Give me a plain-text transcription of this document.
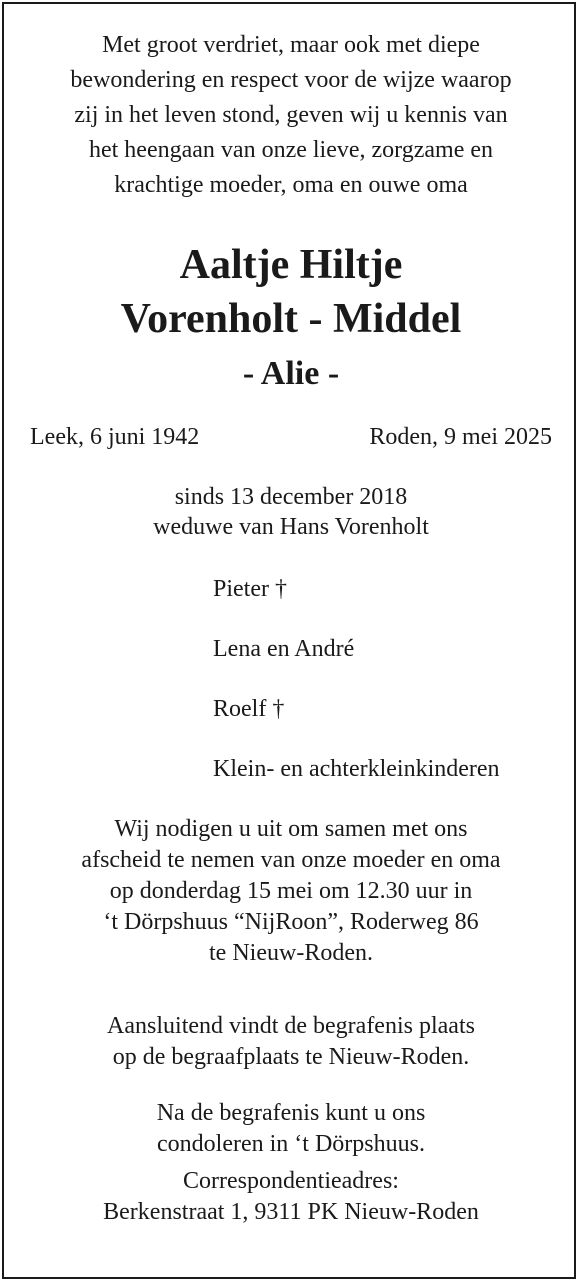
Met groot verdriet, maar ook met diepe
bewondering en respect voor de wijze waarop
zij in het leven stond, geven wij u kennis van
het heengaan van onze lieve, zorgzame en
krachtige moeder, oma en ouwe oma
Aaltje Hiltje
Vorenholt - Middel
- Alie -
Leek, 6 juni 1942	Roden, 9 mei 2025
sinds 13 december 2018
weduwe van Hans Vorenholt
Pieter †
Lena en André
Roelf †
Klein- en achterkleinkinderen
Wij nodigen u uit om samen met ons
afscheid te nemen van onze moeder en oma
op donderdag 15 mei om 12.30 uur in
‘t Dörpshuus “NijRoon”, Roderweg 86
te Nieuw-Roden.
Aansluitend vindt de begrafenis plaats
op de begraafplaats te Nieuw-Roden.
Na de begrafenis kunt u ons
condoleren in ‘t Dörpshuus.
Correspondentieadres:
Berkenstraat 1, 9311 PK Nieuw-Roden
